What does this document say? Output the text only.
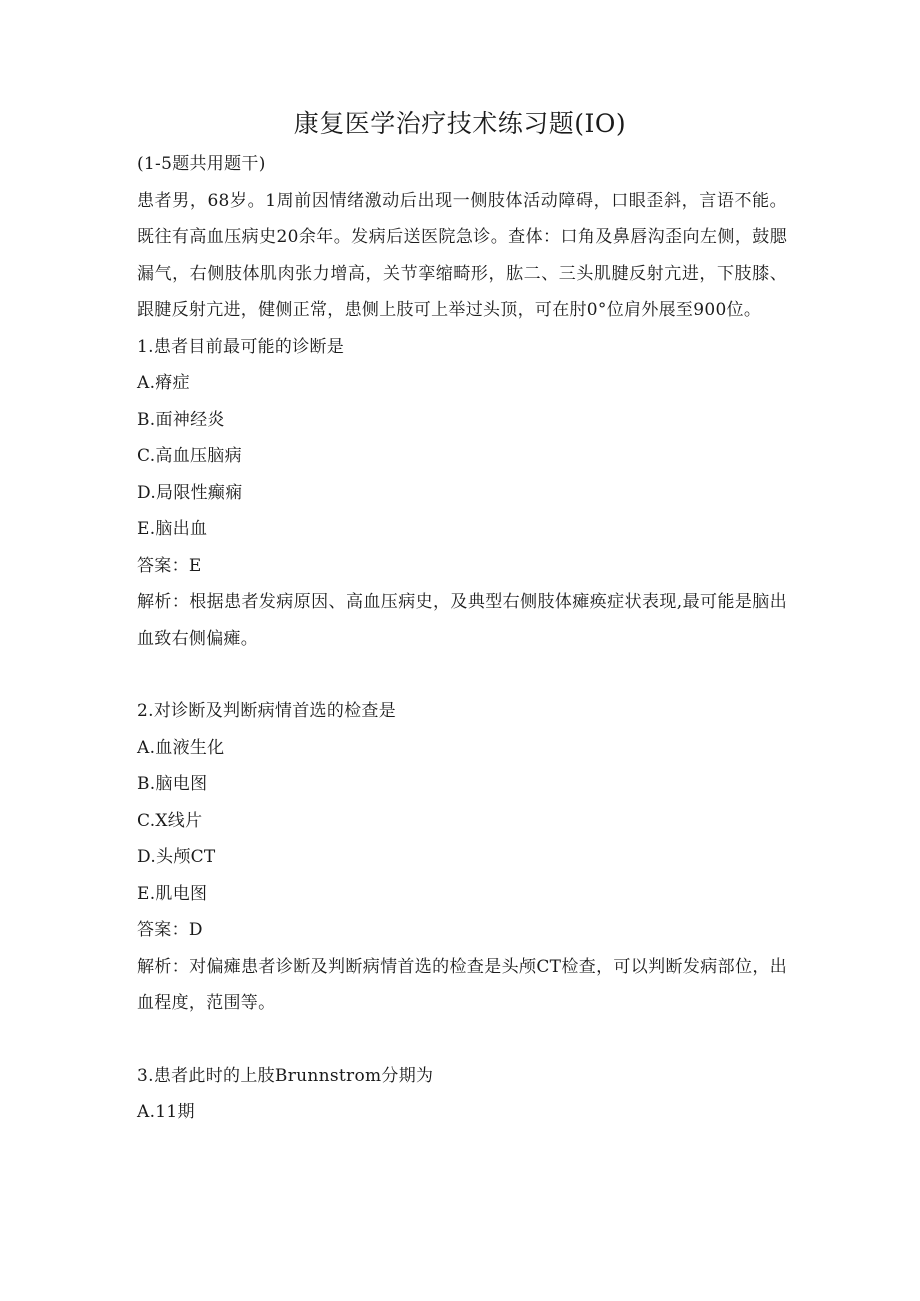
康复医学治疗技术练习题(IO)
(1-5题共用题干)
患者男，68岁。1周前因情绪激动后出现一侧肢体活动障碍，口眼歪斜，言语不能。既往有高血压病史20余年。发病后送医院急诊。查体：口角及鼻唇沟歪向左侧，鼓腮漏气，右侧肢体肌肉张力增高，关节挛缩畸形，肱二、三头肌腱反射亢进，下肢膝、跟腱反射亢进，健侧正常，患侧上肢可上举过头顶，可在肘0°位肩外展至900位。
1.患者目前最可能的诊断是
A.瘠症
B.面神经炎
C.高血压脑病
D.局限性癫痫
E.脑出血
答案：E
解析：根据患者发病原因、高血压病史，及典型右侧肢体瘫痪症状表现,最可能是脑出血致右侧偏瘫。
2.对诊断及判断病情首选的检查是
A.血液生化
B.脑电图
C.X线片
D.头颅CT
E.肌电图
答案：D
解析：对偏瘫患者诊断及判断病情首选的检查是头颅CT检查，可以判断发病部位，出血程度，范围等。
3.患者此时的上肢Brunnstrom分期为
A.11期
